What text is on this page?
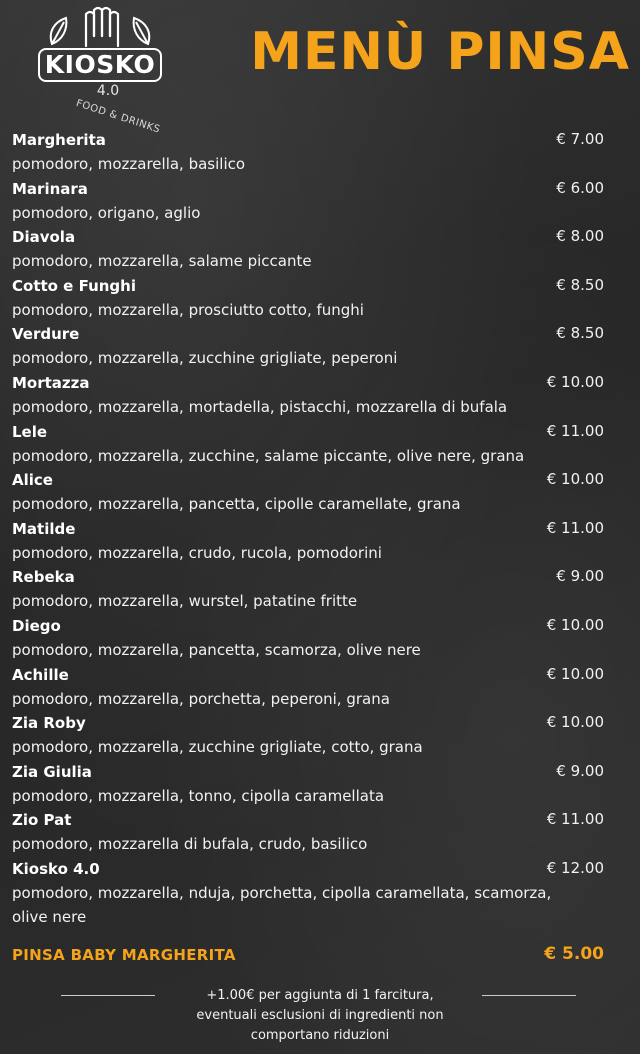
KIOSKO
4.0
FOOD & DRINKS
MENÙ PINSA
Margherita
pomodoro, mozzarella, basilico
€ 7.00
Marinara
pomodoro, origano, aglio
€ 6.00
Diavola
pomodoro, mozzarella, salame piccante
€ 8.00
Cotto e Funghi
pomodoro, mozzarella, prosciutto cotto, funghi
€ 8.50
Verdure
pomodoro, mozzarella, zucchine grigliate, peperoni
€ 8.50
Mortazza
pomodoro, mozzarella, mortadella, pistacchi, mozzarella di bufala
€ 10.00
Lele
pomodoro, mozzarella, zucchine, salame piccante, olive nere, grana
€ 11.00
Alice
pomodoro, mozzarella, pancetta, cipolle caramellate, grana
€ 10.00
Matilde
pomodoro, mozzarella, crudo, rucola, pomodorini
€ 11.00
Rebeka
pomodoro, mozzarella, wurstel, patatine fritte
€ 9.00
Diego
pomodoro, mozzarella, pancetta, scamorza, olive nere
€ 10.00
Achille
pomodoro, mozzarella, porchetta, peperoni, grana
€ 10.00
Zia Roby
pomodoro, mozzarella, zucchine grigliate, cotto, grana
€ 10.00
Zia Giulia
pomodoro, mozzarella, tonno, cipolla caramellata
€ 9.00
Zio Pat
pomodoro, mozzarella di bufala, crudo, basilico
€ 11.00
Kiosko 4.0
pomodoro, mozzarella, nduja, porchetta, cipolla caramellata, scamorza, olive nere
€ 12.00
PINSA BABY MARGHERITA	€ 5.00
+1.00€ per aggiunta di 1 farcitura,
eventuali esclusioni di ingredienti non
comportano riduzioni
